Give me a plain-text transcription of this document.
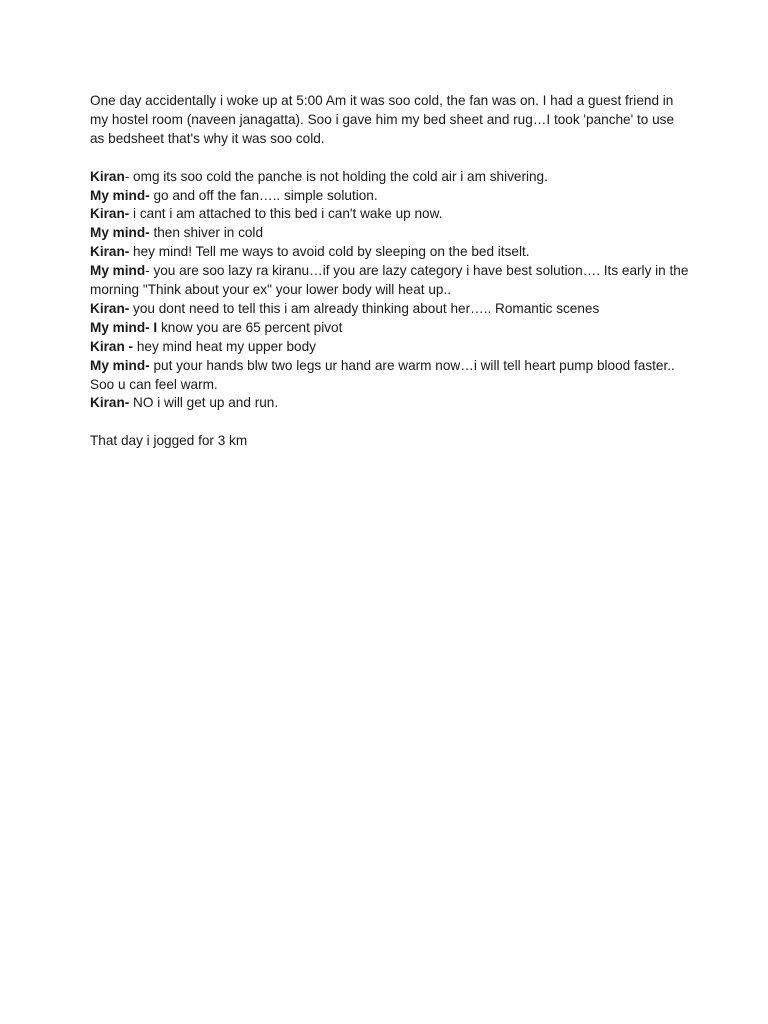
One day accidentally i woke up at 5:00 Am it was soo cold, the fan was on. I had a guest friend in my hostel room (naveen janagatta). Soo i gave him my bed sheet and rug…I took 'panche' to use as bedsheet that's why it was soo cold.

Kiran- omg its soo cold the panche is not holding the cold air i am shivering.

My mind- go and off the fan….. simple solution.

Kiran- i cant i am attached to this bed i can't wake up now.

My mind- then shiver in cold

Kiran- hey mind! Tell me ways to avoid cold by sleeping on the bed itselt.

My mind- you are soo lazy ra kiranu…if you are lazy category i have best solution…. Its early in the morning "Think about your ex" your lower body will heat up..

Kiran- you dont need to tell this i am already thinking about her….. Romantic scenes

My mind- I know you are 65 percent pivot

Kiran - hey mind heat my upper body

My mind- put your hands blw two legs ur hand are warm now…i will tell heart pump blood faster.. Soo u can feel warm.

Kiran- NO i will get up and run.

That day i jogged for 3 km
